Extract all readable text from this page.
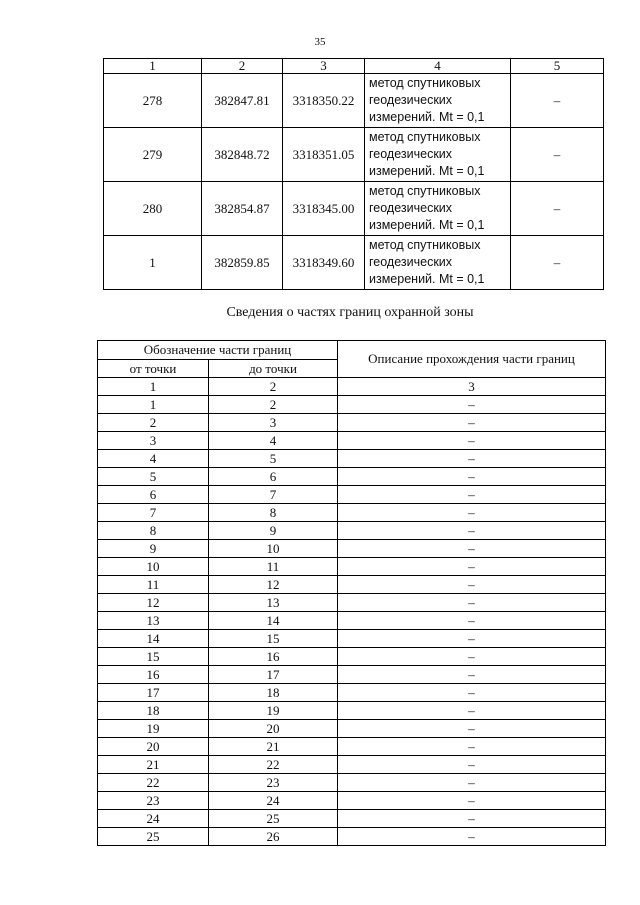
35
1	2	3	4	5
278	382847.81	3318350.22	метод спутниковых
геодезических
измерений. Mt = 0,1	–
279	382848.72	3318351.05	метод спутниковых
геодезических
измерений. Mt = 0,1	–
280	382854.87	3318345.00	метод спутниковых
геодезических
измерений. Mt = 0,1	–
1	382859.85	3318349.60	метод спутниковых
геодезических
измерений. Mt = 0,1	–
Сведения о частях границ охранной зоны
Обозначение части границ		Описание прохождения части границ
от точки	до точки	
1	2	3
1	2	–
2	3	–
3	4	–
4	5	–
5	6	–
6	7	–
7	8	–
8	9	–
9	10	–
10	11	–
11	12	–
12	13	–
13	14	–
14	15	–
15	16	–
16	17	–
17	18	–
18	19	–
19	20	–
20	21	–
21	22	–
22	23	–
23	24	–
24	25	–
25	26	–
